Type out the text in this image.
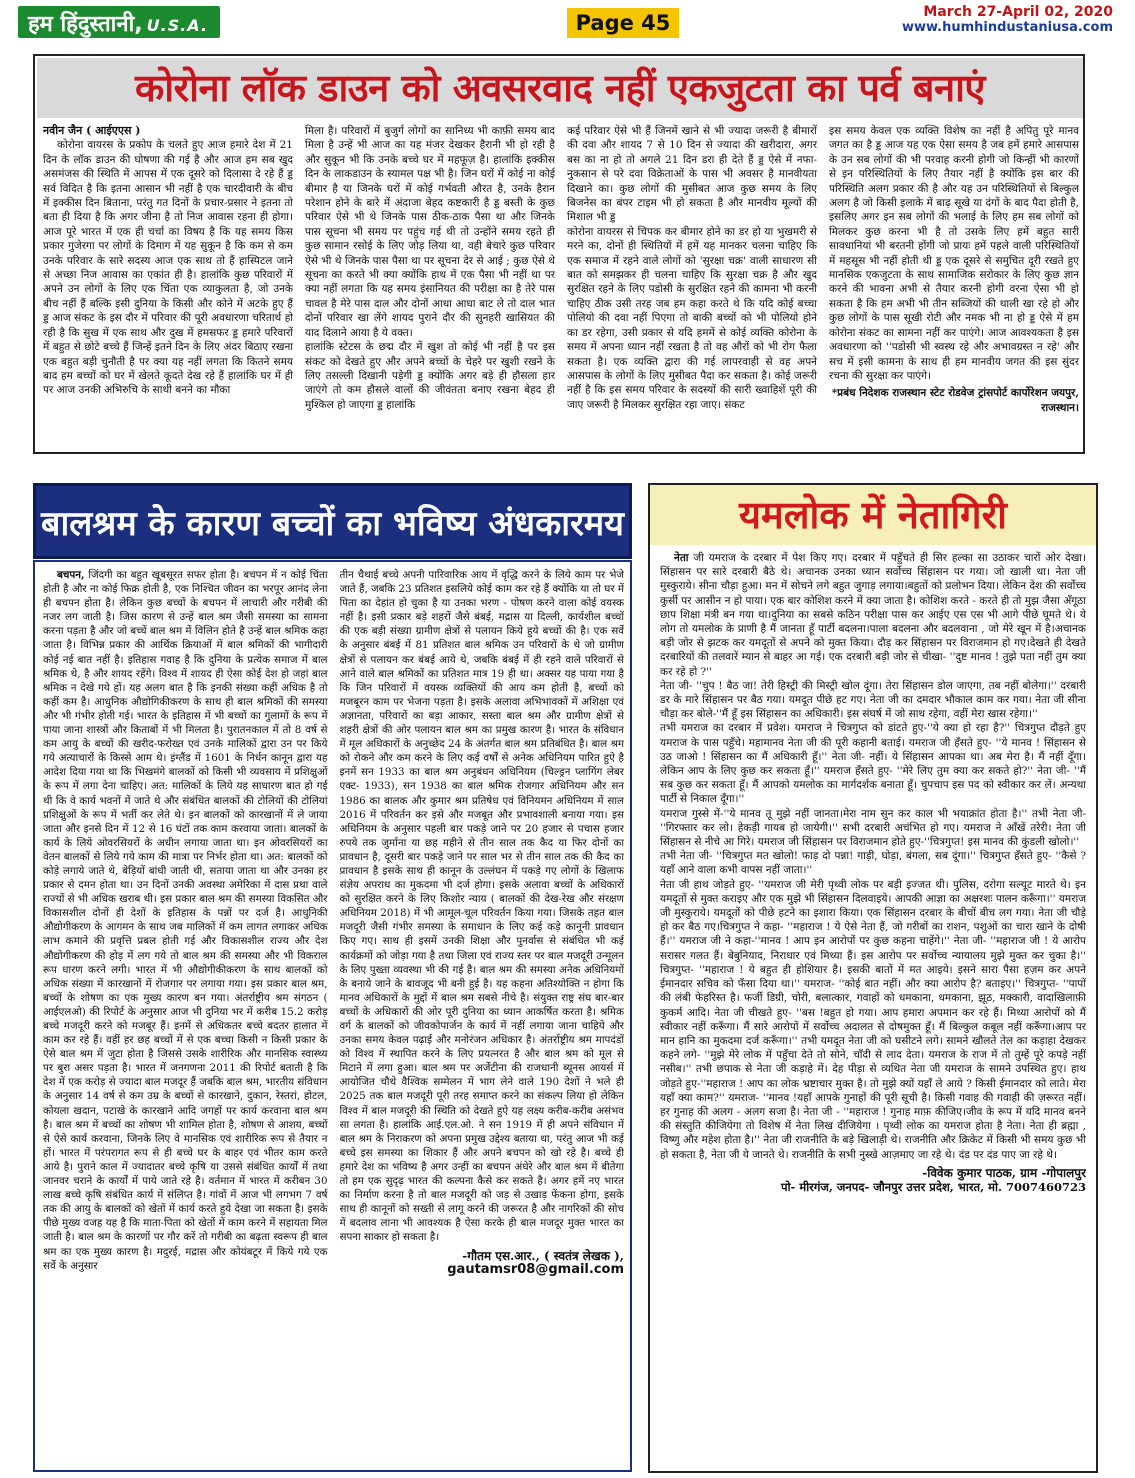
हम हिंदुस्तानी, U.S.A.	Page 45	March 27-April 02, 2020
www.humhindustaniusa.com
कोरोना लॉक डाउन को अवसरवाद नहीं एकजुटता का पर्व बनाएं

नवीन जैन ( आईएएस )

कोरोना वायरस के प्रकोप के चलते हुए आज हमारे देश में 21 दिन के लॉक डाउन की घोषणा की गई है और आज हम सब खुद असमंजस की स्थिति में आपस में एक दूसरे को दिलासा दे रहे हैं ड्ड सर्व विदित है कि इतना आसान भी नहीं है एक चारदीवारी के बीच में इक्कीस दिन बिताना, परंतु गत दिनों के प्रचार-प्रसार ने इतना तो बता ही दिया है कि अगर जीना है तो निज आवास रहना ही होगा। आज पूरे भारत में एक ही चर्चा का विषय है कि यह समय किस प्रकार गुजेरगा पर लोगों के दिमाग में यह सुकून है कि कम से कम उनके परिवार के सारे सदस्य आज एक साथ तो हैं हास्पिटल जाने से अच्छा निज आवास का एकांत ही है। हालांकि कुछ परिवारों में अपने उन लोगों के लिए एक चिंता एक व्याकुलता है, जो उनके बीच नहीं हैं बल्कि इसी दुनिया के किसी और कोने में अटके हुए हैं ड्ड आज संकट के इस दौर में परिवार की पूरी अवधारणा चरितार्थ हो रही है कि सुख में एक साथ और दुख में हमसफर ड्ड हमारे परिवारों में बहुत से छोटे बच्चे हैं जिन्हें इतने दिन के लिए अंदर बिठाए रखना एक बहुत बड़ी चुनौती है पर क्या यह नहीं लगता कि कितने समय बाद हम बच्चों को घर में खेलते कूदते देख रहे हैं हालांकि घर में ही पर आज उनकी अभिरुचि के साथी बनने का मौका

मिला है। परिवारों में बुजुर्ग लोगों का सानिध्य भी काफ़ी समय बाद मिला है उन्हें भी आज का यह मंजर देखकर हैरानी भी हो रही है और सुकून भी कि उनके बच्चे घर में महफूज़ है। हालांकि इक्कीस दिन के लाकडाउन के स्यामल पक्ष भी है। जिन घरों में कोई ना कोई बीमार है या जिनके घरों में कोई गर्भवती औरत है, उनके हैरान परेशान होने के बारे में अंदाजा बेहद कष्टकारी है ड्ड बस्ती के कुछ परिवार ऐसे भी थे जिनके पास ठीक-ठाक पैसा था और जिनके पास सूचना भी समय पर पहुंच गई थी तो उन्होंने समय रहते ही कुछ सामान रसोई के लिए जोड़ लिया था, वही बेचारे कुछ परिवार ऐसे भी थे जिनके पास पैसा था पर सूचना देर से आई ; कुछ ऐसे थे सूचना का करते भी क्या क्योंकि हाथ में एक पैसा भी नहीं था पर क्या नहीं लगता कि यह समय इंसानियत की परीक्षा का है तेरे पास चावल है मेरे पास दाल और दोनों आधा आधा बाट ले तो दाल भात दोनों परिवार खा लेंगे शायद पुराने दौर की सुनहरी खासियत की याद दिलाने आया है ये वक्त।
हालांकि स्टेटस के छद्म दौर में खुश तो कोई भी नहीं है पर इस संकट को देखते हुए और अपने बच्चों के चेहरे पर खुशी रखने के लिए तसल्ली दिखानी पड़ेगी ड्ड क्योंकि अगर बड़े ही हौसला हार जाएंगे तो कम हौसले वालों की जीवंतता बनाए रखना बेहद ही मुश्किल हो जाएगा ड्ड हालांकि

कई परिवार ऐसे भी हैं जिनमें खाने से भी ज्यादा जरूरी है बीमारों की दवा और शायद 7 से 10 दिन से ज्यादा की खरीदारा, अगर बस का ना हो तो अगले 21 दिन डरा ही देते हैं ड्ड ऐसे में नफा-नुकसान से परे दवा विक्रेताओं के पास भी अवसर है मानवीयता दिखाने का। कुछ लोगों की मुसीबत आज कुछ समय के लिए बिजनेस का बंपर टाइम भी हो सकता है और मानवीय मूल्यों की मिशाल भी ड्ड
कोरोना वायरस से चिपक कर बीमार होने का डर हो या भुखमरी से मरने का, दोनों ही स्थितियों में हमें यह मानकर चलना चाहिए कि एक समाज में रहने वाले लोगों को 'सुरक्षा चक्र' वाली साधारण सी बात को समझकर ही चलना चाहिए कि सुरक्षा चक्र है और खुद सुरक्षित रहने के लिए पडोसी के सुरक्षित रहने की कामना भी करनी चाहिए ठीक उसी तरह जब हम कहा करते थे कि यदि कोई बच्चा पोलियो की दवा नहीं पिएगा तो बाकी बच्चों को भी पोलियो होने का डर रहेगा, उसी प्रकार से यदि हममें से कोई व्यक्ति कोरोना के समय में अपना ध्यान नहीं रखता है तो वह औरों को भी रोग फैला सकता है। एक व्यक्ति द्वारा की गई लापरवाही से वह अपने आसपास के लोगों के लिए मुसीबत पैदा कर सकता है। कोई जरूरी नहीं है कि इस समय परिवार के सदस्यों की सारी ख्वाहिशें पूरी की जाए जरूरी है मिलकर सुरक्षित रहा जाए। संकट

इस समय केवल एक व्यक्ति विशेष का नहीं है अपितु पूरे मानव जगत का है ड्ड आज यह एक ऐसा समय है जब हमें हमारे आसपास के उन सब लोगों की भी परवाह करनी होगी जो किन्हीं भी कारणों से इन परिस्थितियों के लिए तैयार नहीं है क्योंकि इस बार की परिस्थिति अलग प्रकार की है और यह उन परिस्थितियों से बिल्कुल अलग है जो किसी इलाके में बाढ़ सूखे या दंगों के बाद पैदा होती है, इसलिए अगर इन सब लोगों की भलाई के लिए हम सब लोगों को मिलकर कुछ करना भी है तो उसके लिए हमें बहुत सारी सावधानियां भी बरतनी होंगी जो प्रायः हमें पहले वाली परिस्थितियों में महसूस भी नहीं होती थी ड्ड एक दूसरे से समुचित दूरी रखते हुए मानसिक एकजुटता के साथ सामाजिक सरोकार के लिए कुछ ज्ञान करने की भावना अभी से तैयार करनी होगी वरना ऐसा भी हो सकता है कि हम अभी भी तीन सब्जियों की थाली खा रहे हो और कुछ लोगों के पास सूखी रोटी और नमक भी ना हो ड्ड ऐसे में हम कोरोना संकट का सामना नहीं कर पाएंगे। आज आवश्यकता है इस अवधारणा को ''पडोसी भी स्वस्थ रहे और अभावग्रस्त न रहे' और सच में इसी कामना के साथ ही हम मानवीय जगत की इस सुंदर रचना की सुरक्षा कर पाएंगे।

*प्रबंध निदेशक राजस्थान स्टेट रोडवेज ट्रांसपोर्ट कार्पोरेशन जयपुर, राजस्थान।
बालश्रम के कारण बच्चों का भविष्य अंधकारमय

बचपन, जिंदगी का बहुत खूबसूरत सफर होता है। बचपन में न कोई चिंता होती है और ना कोई फिक्र होती है, एक निश्चित जीवन का भरपूर आनंद लेना ही बचपन होता है। लेकिन कुछ बच्चों के बचपन में लाचारी और गरीबी की नजर लग जाती है। जिस कारण से उन्हें बाल श्रम जैसी समस्या का सामना करना पड़ता है और जो बच्चें बाल श्रम में विलिन होते है उन्हें बाल श्रमिक कहा जाता है। विभिन्न प्रकार की आर्थिक क्रियाओं में बाल श्रमिकों की भागीदारी कोई नई बात नहीं है। इतिहास गवाह है कि दुनिया के प्रत्येक समाज में बाल श्रमिक थे, है और शायद रहेंगे। विश्व में शायद ही ऐसा कोई देश हो जहां बाल श्रमिक न देखे गये हों। यह अलग बात है कि इनकी संख्या कहीं अधिक है तो कहीं कम है। आधुनिक औद्योगिकीकरण के साथ ही बाल श्रमिकों की समस्या और भी गंभीर होती गई। भारत के इतिहास में भी बच्चों का गुलामों के रूप में पाया जाना शास्त्रों और किताबों में भी मिलता है। पुरातनकाल में तो 8 वर्ष से कम आयु के बच्चों की खरीद-फरोख्त एवं उनके मालिकों द्वारा उन पर किये गये अत्याचारों के किस्से आम थे। इंग्लैंड में 1601 के निर्धन कानून द्वारा यह आदेश दिया गया था कि भिखमंगे बालकों को किसी भी व्यवसाय में प्रशिक्षुओं के रूप में लगा देना चाहिए। अत: मालिकों के लिये यह साधारण बात हो गई थी कि वे कार्य भवनों में जाते थे और संबंधित बालकों की टोलियों की टोलियां प्रशिक्षुओं के रूप में भर्ती कर लेते थे। इन बालकों को कारखानों में ले जाया जाता और इनसे दिन में 12 से 16 घंटों तक काम करवाया जाता। बालकों के कार्य के लिये ओवरसियरों के अधीन लगाया जाता था। इन ओवरसियरों का वेतन बालकों से लिये गये काम की मात्रा पर निर्भर होता था। अत: बालकों को कोड़े लगाये जाते थे, बेड़ियों बांधी जाती थी, सताया जाता था और उनका हर प्रकार से दमन होता था। उन दिनों उनकी अवस्था अमेरिका में दास प्रथा वाले राज्यों से भी अधिक खराब थी। इस प्रकार बाल श्रम की समस्या विकसित और विकासशील दोनों ही देशों के इतिहास के पन्नों पर दर्ज है। आधुनिकी औद्योगीकरण के आगमन के साथ जब मालिकों में कम लागत लगाकर अधिक लाभ कमाने की प्रवृत्ति प्रबल होती गई और विकासशील राज्य और देश औद्योगीकरण की होड़ में लग गये तो बाल श्रम की समस्या और भी विकराल रूप धारण करने लगी। भारत में भी औद्योगीकीकरण के साथ बालकों को अधिक संख्या में कारखानों में रोजगार पर लगाया गया। इस प्रकार बाल श्रम, बच्चों के शोषण का एक मुख्य कारण बन गया। अंतर्राष्ट्रीय श्रम संगठन ( आईएलओ) की रिपोर्ट के अनुसार आज भी दुनिया भर में करीब 15.2 करोड़ बच्चे मजदूरी करने को मजबूर हैं। इनमें से अधिकतर बच्चे बदतर हालात में काम कर रहे हैं। वहीं हर छह बच्चों में से एक बच्चा किसी न किसी प्रकार के ऐसे बाल श्रम में जुटा होता है जिससे उसके शारीरिक और मानसिक स्वास्थ्य पर बुरा असर पड़ता है। भारत में जनगणना 2011 की रिपोर्ट बताती है कि देश में एक करोड़ से ज्यादा बाल मजदूर हैं जबकि बाल श्रम, भारतीय संविधान के अनुसार 14 वर्ष से कम उम्र के बच्चों से कारखाने, दुकान, रेस्तरां, होटल, कोयला खदान, पटाखे के कारखाने आदि जगहों पर कार्य करवाना बाल श्रम है। बाल श्रम में बच्चों का शोषण भी शामिल होता है, शोषण से आशय, बच्चों से ऐसे कार्य करवाना, जिनके लिए वे मानसिक एवं शारीरिक रूप से तैयार न हों। भारत में परंपरागत रूप से ही बच्चे घर के बाहर एवं भीतर काम करते आये है। पुराने काल में ज्यादातर बच्चे कृषि या उससे संबंधित कार्यों में तथा जानवर चराने के कार्यों में पाये जाते रहे है। वर्तमान में भारत में करीबन 30 लाख बच्चे कृषि संबंधित कार्य में संलिप्त है। गांवों में आज भी लगभग 7 वर्ष तक की आयु के बालकों को खेतों में कार्य करते हुये देखा जा सकता है। इसके पीछे मुख्य वजह यह है कि माता-पिता को खेतों में काम करने में सहायता मिल जाती है। बाल श्रम के कारणों पर गौर करें तो गरीबी का बढ़ता स्वरूप ही बाल श्रम का एक मुख्य कारण है। मदुरई, मद्रास और कोयंबटूर में किये गये एक सर्वे के अनुसार

तीन चैथाई बच्चे अपनी पारिवारिक आय में वृद्धि करने के लिये काम पर भेजे जाते हैं, जबकि 23 प्रतिशत इसलिये कोई काम कर रहे हैं क्योंकि या तो घर में पिता का देहांत हो चुका है या उनका भरण - पोषण करने वाला कोई वयस्क नहीं है। इसी प्रकार बड़े शहरों जैसे बंबई, मद्रास या दिल्ली, कार्यशील बच्चों की एक बड़ी संख्या ग्रामीण क्षेत्रों से पलायन किये हुये बच्चों की है। एक सर्वे के अनुसार बंबई में 81 प्रतिशत बाल श्रमिक उन परिवारों के थे जो ग्रामीण क्षेत्रों से पलायन कर बंबई आये थे, जबकि बंबई में ही रहने वाले परिवारों से आने वाले बाल श्रमिकों का प्रतिशत मात्र 19 ही था। अक्सर यह पाया गया है कि जिन परिवारों में वयस्क व्यक्तियों की आय कम होती है, बच्चों को मजबूरन काम पर भेजना पड़ता है। इसके अलावा अभिभावकों में अशिक्षा एवं अज्ञानता, परिवारों का बड़ा आकार, सस्ता बाल श्रम और ग्रामीण क्षेत्रों से शहरी क्षेत्रों की ओर पलायन बाल श्रम का प्रमुख कारण है। भारत के संविधान में मूल अधिकारों के अनुच्छेद 24 के अंतर्गत बाल श्रम प्रतिबंधित है। बाल श्रम को रोकने और कम करने के लिए कई वर्षों से अनेक अधिनियम पारित हुऐ है इनमें सन 1933 का बाल श्रम अनुबंधन अधिनियम (चिल्ड्रन प्लागिंग लेबर एक्ट- 1933), सन 1938 का बाल श्रमिक रोजगार अधिनियम और सन 1986 का बालक और कुमार श्रम प्रतिषेध एवं विनियमन अधिनियम में साल 2016 में परिवर्तन कर इसे और मजबूत और प्रभावशाली बनाया गया। इस अधिनियम के अनुसार पहली बार पकड़े जाने पर 20 हजार से पचास हजार रुपये तक जुर्माना या छह महीने से तीन साल तक कैद या फिर दोनों का प्रावधान है, दूसरी बार पकड़े जाने पर साल भर से तीन साल तक की कैद का प्रावधान है इसके साथ ही कानून के उल्लंघन में पकड़े गए लोगों के खिलाफ संज्ञेय अपराध का मुकदमा भी दर्ज होगा। इसके अलावा बच्चों के अधिकारों को सुरक्षित करने के लिए किशोर न्याय ( बालकों की देख-रेख और संरक्षण अधिनियम 2018) में भी आमूल-चूल परिवर्तन किया गया। जिसके तहत बाल मजदूरी जैसी गंभीर समस्या के समाधान के लिए कई कड़े कानूनी प्रावधान किए गए। साथ ही इसमें उनकी शिक्षा और पुनर्वास से संबंधित भी कई कार्यक्रमों को जोड़ा गया है तथा जिला एवं राज्य स्तर पर बाल मजदूरी उन्मूलन के लिए पुख्ता व्यवस्था भी की गई है। बाल श्रम की समस्या अनेक अधिनियमों के बनाये जाने के बावजूद भी बनी हुई है। यह कहना अतिश्योक्ति न होगा कि मानव अधिकारों के मुद्दों में बाल श्रम सबसे नीचे है। संयुक्त राष्ट्र संघ बार-बार बच्चों के अधिकारों की ओर पूरी दुनिया का ध्यान आकर्षित करता है। श्रमिक वर्ग के बालकों को जीवकोपार्जन के कार्य में नहीं लगाया जाना चाहिये और उनका समय केवल पढ़ाई और मनोरंजन अधिकार है। अंतर्राष्ट्रीय श्रम मापदंडों को विश्व में स्थापित करने के लिए प्रयत्नरत है और बाल श्रम को मूल से मिटाने में लगा हुआ। बाल श्रम पर अर्जेटीना की राजधानी ब्यूनस आयर्स में आयोजित चौथे वैश्विक सम्मेलन में भाग लेने वाले 190 देशों ने भले ही 2025 तक बाल मजदूरी पूरी तरह समाप्त करने का संकल्प लिया हो लेकिन विश्व में बाल मजदूरी की स्थिति को देखते हुऐ यह लक्ष्य करीब-करीब असंभव सा लगता है। हालांकि आई.एल.ओ. ने सन 1919 में ही अपने संविधान में बाल श्रम के निराकरण को अपना प्रमुख उद्देश्य बताया था, परंतु आज भी कई बच्चे इस समस्या का शिकार हैं और अपने बचपन को खो रहे है। बच्चे ही हमारे देश का भविष्य है अगर उन्हीं का बचपन अंधेरे और बाल श्रम में बीतेगा तो हम एक सुदृढ़ भारत की कल्पना कैसे कर सकते है। अगर हमें नए भारत का निर्माण करना है तो बाल मजदूरी को जड़ से उखाड़ फेंकना होगा, इसके साथ ही कानूनों को सख्ती से लागू करने की जरूरत है और नागरिकों की सोच में बदलाव लाना भी आवश्यक है ऐसा करके ही बाल मजदूर मुक्त भारत का सपना साकार हो सकता है।

-गौतम एस.आर., ( स्वतंत्र लेखक ),
gautamsr08@gmail.com
यमलोक में नेतागिरी

नेता जी यमराज के दरबार में पेश किए गए। दरबार में पहुँचते ही सिर हल्का सा उठाकर चारों ओर देखा। सिंहासन पर सारे दरबारी बैठे थे। अचानक उनका ध्यान सर्वोच्च सिंहासन पर गया। जो खाली था। नेता जी मुस्कुराये। सीना चौड़ा हुआ। मन में सोचने लगे बहुत जुगाड़ लगाया।बहुतों को प्रलोभन दिया। लेकिन देश की सर्वोच्च कुर्सी पर आसीन न हो पाया। एक बार कोशिश करने में क्या जाता है। कोशिश करते - करते ही तो मुझ जैसा अँगूठा छाप शिक्षा मंत्री बन गया था।दुनिया का सबसे कठिन परीक्षा पास कर आईए एस एस भी आगे पीछे घूमते थे। ये लोग तो यमलोक के प्राणी है मैं जानता हूँ पार्टी बदलना।पाला बदलना और बदलवाना , जो मेरे खून में है।अचानक बड़ी जोर से झटक कर यमदूतों से अपने को मुक्त किया। दौड़ कर सिंहासन पर विराजमान हो गए।देखते ही देखते दरबारियों की तलवारें म्यान से बाहर आ गई। एक दरबारी बड़ी जोर से चीखा- ''दुष्ट मानव ! तुझे पता नहीं तुम क्या कर रहे हो ?''
नेता जी- ''चुप ! बैठ जा! तेरी हिस्ट्री की मिस्ट्री खोल दूंगा। तेरा सिंहासन डोल जाएगा, तब नहीं बोलेगा।'' दरबारी डर के मारे सिंहासन पर बैठ गया। यमदूत पीछे हट गए। नेता जी का दमदार भौकाल काम कर गया। नेता जी सीना चौड़ा कर बोले-''मैं हूँ इस सिंहासन का अधिकारी। इस संघर्ष में जो साथ रहेगा, वहीं मेरा खास रहेगा।''
तभी यमराज का दरबार में प्रवेश। यमराज ने चित्रगुप्त को डांटते हुए-''ये क्या हो रहा है?'' चित्रगुप्त दौड़ते हुए यमराज के पास पहुँचे। महामानव नेता जी की पूरी कहानी बताई। यमराज जी हँसते हुए- ''ये मानव ! सिंहासन से उठ जाओ ! सिंहासन का मैं अधिकारी हूँ।'' नेता जी- नहीं। ये सिंहासन आपका था। अब मेरा है। मैं नहीं दूँगा। लेकिन आप के लिए कुछ कर सकता हूँ।'' यमराज हँसते हुए- ''मेरे लिए तुम क्या कर सकते हो?'' नेता जी- ''मैं सब कुछ कर सकता हूँ। मैं आपको यमलोक का मार्गदर्शक बनाता हूँ। चुपचाप इस पद को स्वीकार कर लें। अन्यथा पार्टी से निकाल दूँगा।''
यमराज गुस्से में-''ये मानव तू मुझे नहीं जानता।मेरा नाम सुन कर काल भी भयाक्रांत होता है।'' तभी नेता जी- ''गिरफ्तार कर लो। हेकड़ी गायब हो जायेगी।'' सभी दरबारी अचंभित हो गए। यमराज ने आँखें तरेरी। नेता जी सिंहासन से नीचे आ गिरे। यमराज जी सिंहासन पर विराजमान होते हुए-''चित्रगुप्त! इस मानव की कुंडली खोलो।''
तभी नेता जी- ''चित्रगुप्त मत खोलो! फाड़ दो पन्ना! गाड़ी, घोड़ा, बंगला, सब दूंगा।'' चित्रगुप्त हँसते हुए- ''कैसे ? यहाँ आने वाला कभी वापस नहीं जाता।''
नेता जी हाथ जोड़ते हुए- ''यमराज जी मेरी पृथ्वी लोक पर बड़ी इज्जत थी। पुलिस, दरोगा सल्यूट मारते थे। इन यमदूतों से मुक्त कराइए और एक मुझे भी सिंहासन दिलवाइये। आपकी आज्ञा का अक्षरशः पालन करूँगा।'' यमराज जी मुस्कुराये। यमदूतों को पीछे हटने का इशारा किया। एक सिंहासन दरबार के बीचों बीच लग गया। नेता जी चौड़े हो कर बैठ गए।चित्रगुप्त ने कहा- ''महाराज ! ये ऐसे नेता हैं, जो गरीबों का राशन, पशुओं का चारा खाने के दोषी हैं।'' यमराज जी ने कहा-''मानव ! आप इन आरोपों पर कुछ कहना चाहेंगे।'' नेता जी- ''महाराज जी ! ये आरोप सरासर गलत हैं। बेबुनियाद, निराधार एवं मिथ्या हैं। इस आरोप पर सर्वोच्च न्यायालय मुझे मुक्त कर चुका है।'' चित्रगुप्त- ''महाराज ! ये बहुत ही होशियार है। इसकी बातों में मत आइये। इसने सारा पैसा हज़म कर अपने ईमानदार सचिव को फँसा दिया था।'' यमराज- ''कोई बात नहीं। और क्या आरोप है? बताइए।'' चित्रगुप्त- ''पापों की लंबी फेहरिस्त है। फर्जी डिग्री, चोरी, बलात्कार, गवाहों को धमकाना, धमकाना, झूठ, मक्कारी, वादाखिलाफ़ी कुकर्म आदि। नेता जी चीखते हुए- ''बस !बहुत हो गया। आप हमारा अपमान कर रहे हैं। मिथ्या आरोपों को मैं स्वीकार नहीं करूँगा। मैं सारे आरोपों में सर्वोच्च अदालत से दोषमुक्त हूँ। मैं बिल्कुल कबूल नहीं करूँगा।आप पर मान हानि का मुकदमा दर्ज करूँगा।'' तभी यमदूत नेता जी को घसीटने लगे। सामने खौलते तेल का कड़ाहा देखकर कहने लगे- ''मुझे मेरे लोक में पहुँचा देते तो सोने, चाँदी से लाद देता। यमराज के राज में तो तुम्हें पूरे कपड़े नहीं नसीब।'' तभी छपाक से नेता जी कड़ाहे में। देह पीड़ा से व्यथित नेता जी यमराज के सामने उपस्थित हुए। हाथ जोड़ते हुए-''महाराज ! आप का लोक भ्रष्टाचार मुक्त है। तो मुझे क्यों यहाँ ले आये ? किसी ईमानदार को लाते। मेरा यहाँ क्या काम?'' यमराज- ''मानव !यहाँ आपके गुनाहों की पूरी सूची है। किसी गवाह की गवाही की ज़रूरत नहीं। हर गुनाह की अलग - अलग सजा है। नेता जी - ''महाराज ! गुनाह माफ़ कीजिए।जीव के रूप में यदि मानव बनने की संस्तुति कीजियेगा तो विशेष में नेता लिख दीजियेगा । पृथ्वी लोक का यमराज होता है नेता। नेता ही ब्रह्मा , विष्णु और महेश होता है।'' नेता जी राजनीति के बड़े खिलाड़ी थे। राजनीति और क्रिकेट में किसी भी समय कुछ भी हो सकता है, नेता जी ये जानते थे। राजनीति के सभी नुस्खे आज़माए जा रहे थे। दंड पर दंड पाए जा रहे थे।

-विवेक कुमार पाठक, ग्राम -गोपालपुर
पो- मीरगंज, जनपद- जौनपुर उत्तर प्रदेश, भारत, मो. 7007460723
